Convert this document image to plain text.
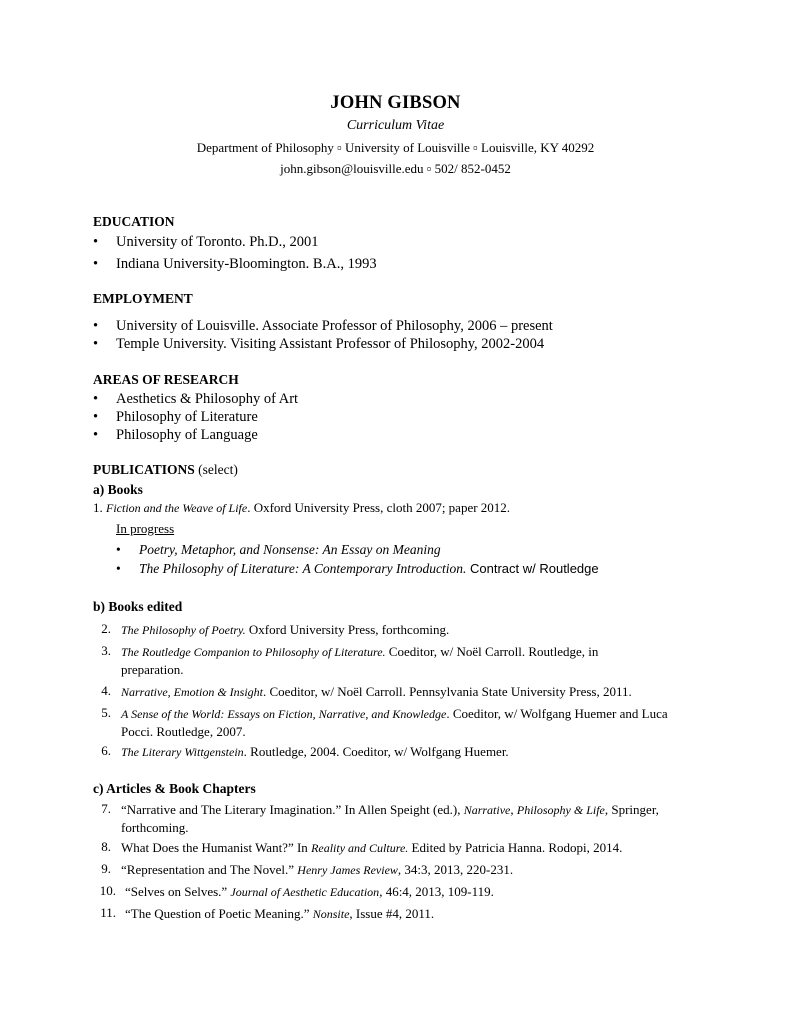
JOHN GIBSON
Curriculum Vitae
Department of Philosophy ▫ University of Louisville ▫ Louisville, KY 40292
john.gibson@louisville.edu ▫ 502/ 852-0452
EDUCATION
• University of Toronto. Ph.D., 2001
• Indiana University-Bloomington. B.A., 1993
EMPLOYMENT
• University of Louisville. Associate Professor of Philosophy, 2006 – present
• Temple University. Visiting Assistant Professor of Philosophy, 2002-2004
AREAS OF RESEARCH
• Aesthetics & Philosophy of Art
• Philosophy of Literature
• Philosophy of Language
PUBLICATIONS (select)
a) Books
1. Fiction and the Weave of Life. Oxford University Press, cloth 2007; paper 2012.
In progress
• Poetry, Metaphor, and Nonsense: An Essay on Meaning
• The Philosophy of Literature: A Contemporary Introduction. Contract w/ Routledge
b) Books edited
2. The Philosophy of Poetry. Oxford University Press, forthcoming.
3. The Routledge Companion to Philosophy of Literature. Coeditor, w/ Noël Carroll. Routledge, in preparation.
4. Narrative, Emotion & Insight. Coeditor, w/ Noël Carroll. Pennsylvania State University Press, 2011.
5. A Sense of the World: Essays on Fiction, Narrative, and Knowledge. Coeditor, w/ Wolfgang Huemer and Luca Pocci. Routledge, 2007.
6. The Literary Wittgenstein. Routledge, 2004. Coeditor, w/ Wolfgang Huemer.
c) Articles & Book Chapters
7. “Narrative and The Literary Imagination.” In Allen Speight (ed.), Narrative, Philosophy & Life, Springer, forthcoming.
8. What Does the Humanist Want?” In Reality and Culture. Edited by Patricia Hanna. Rodopi, 2014.
9. “Representation and The Novel.” Henry James Review, 34:3, 2013, 220-231.
10. “Selves on Selves.” Journal of Aesthetic Education, 46:4, 2013, 109-119.
11. “The Question of Poetic Meaning.” Nonsite, Issue #4, 2011.
